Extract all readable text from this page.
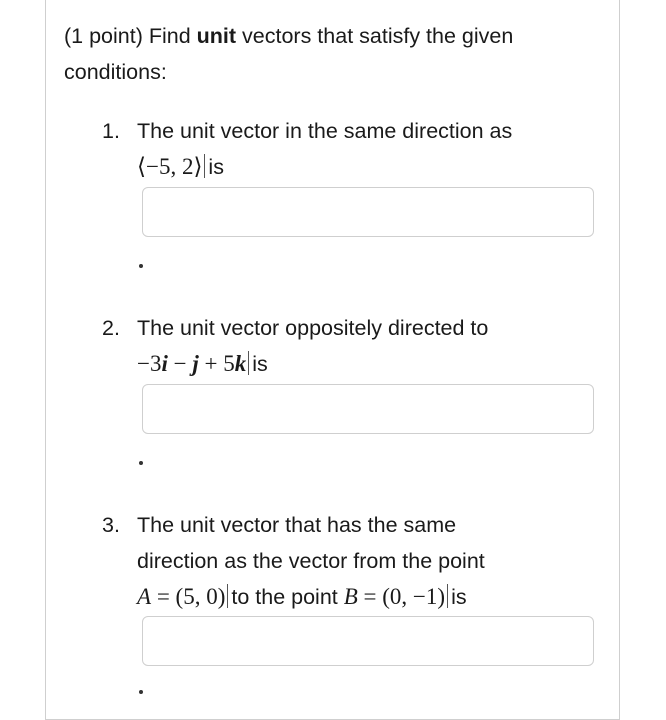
(1 point) Find unit vectors that satisfy the given conditions:
1. The unit vector in the same direction as
⟨−5, 2⟩ is
2. The unit vector oppositely directed to
−3i − j + 5k is
3. The unit vector that has the same
direction as the vector from the point
A = (5, 0) to the point B = (0, −1) is
